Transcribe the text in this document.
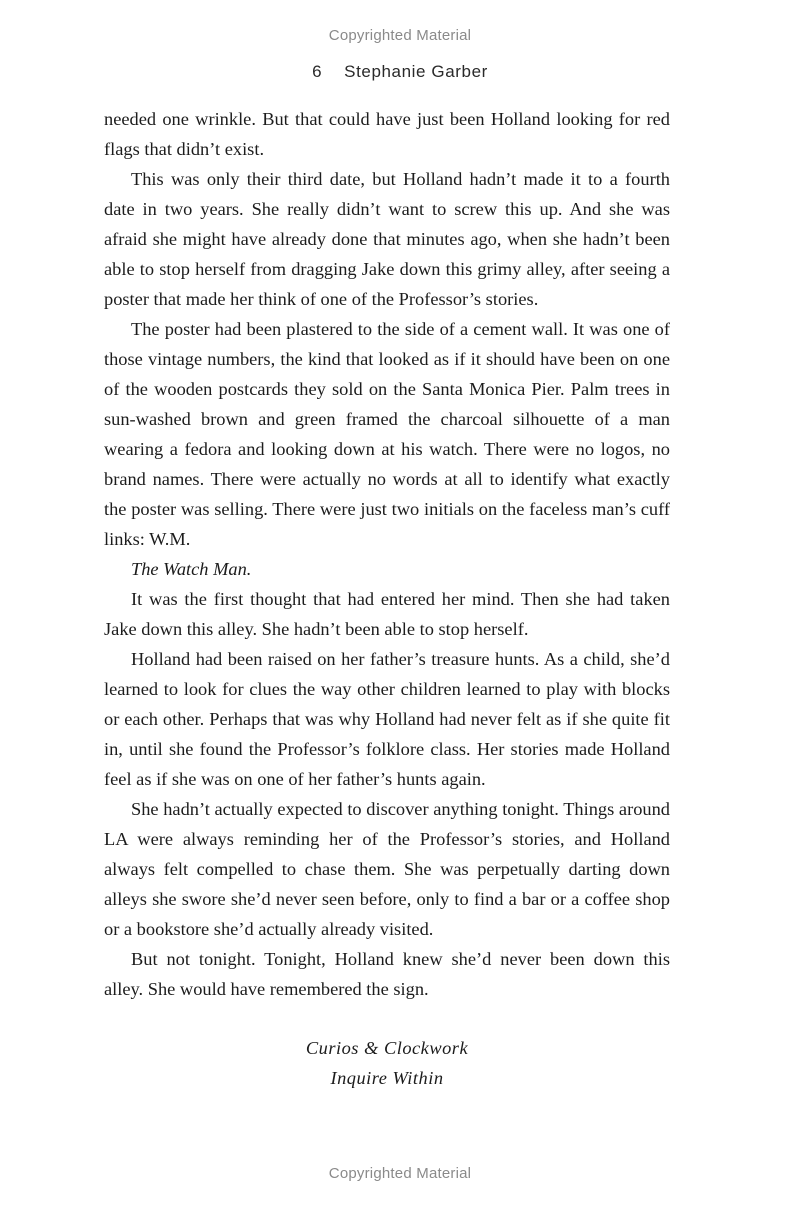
Copyrighted Material
6 Stephanie Garber

needed one wrinkle. But that could have just been Holland looking for red flags that didn’t exist.

This was only their third date, but Holland hadn’t made it to a fourth date in two years. She really didn’t want to screw this up. And she was afraid she might have already done that minutes ago, when she hadn’t been able to stop herself from dragging Jake down this grimy alley, after seeing a poster that made her think of one of the Professor’s stories.

The poster had been plastered to the side of a cement wall. It was one of those vintage numbers, the kind that looked as if it should have been on one of the wooden postcards they sold on the Santa Monica Pier. Palm trees in sun-washed brown and green framed the charcoal silhouette of a man wearing a fedora and looking down at his watch. There were no logos, no brand names. There were actually no words at all to identify what exactly the poster was selling. There were just two initials on the faceless man’s cuff links: W.M.

The Watch Man.

It was the first thought that had entered her mind. Then she had taken Jake down this alley. She hadn’t been able to stop herself.

Holland had been raised on her father’s treasure hunts. As a child, she’d learned to look for clues the way other children learned to play with blocks or each other. Perhaps that was why Holland had never felt as if she quite fit in, until she found the Professor’s folklore class. Her stories made Holland feel as if she was on one of her father’s hunts again.

She hadn’t actually expected to discover anything tonight. Things around LA were always reminding her of the Professor’s stories, and Holland always felt compelled to chase them. She was perpetually darting down alleys she swore she’d never seen before, only to find a bar or a coffee shop or a bookstore she’d actually already visited.

But not tonight. Tonight, Holland knew she’d never been down this alley. She would have remembered the sign.

Curios & Clockwork
Inquire Within
Copyrighted Material
